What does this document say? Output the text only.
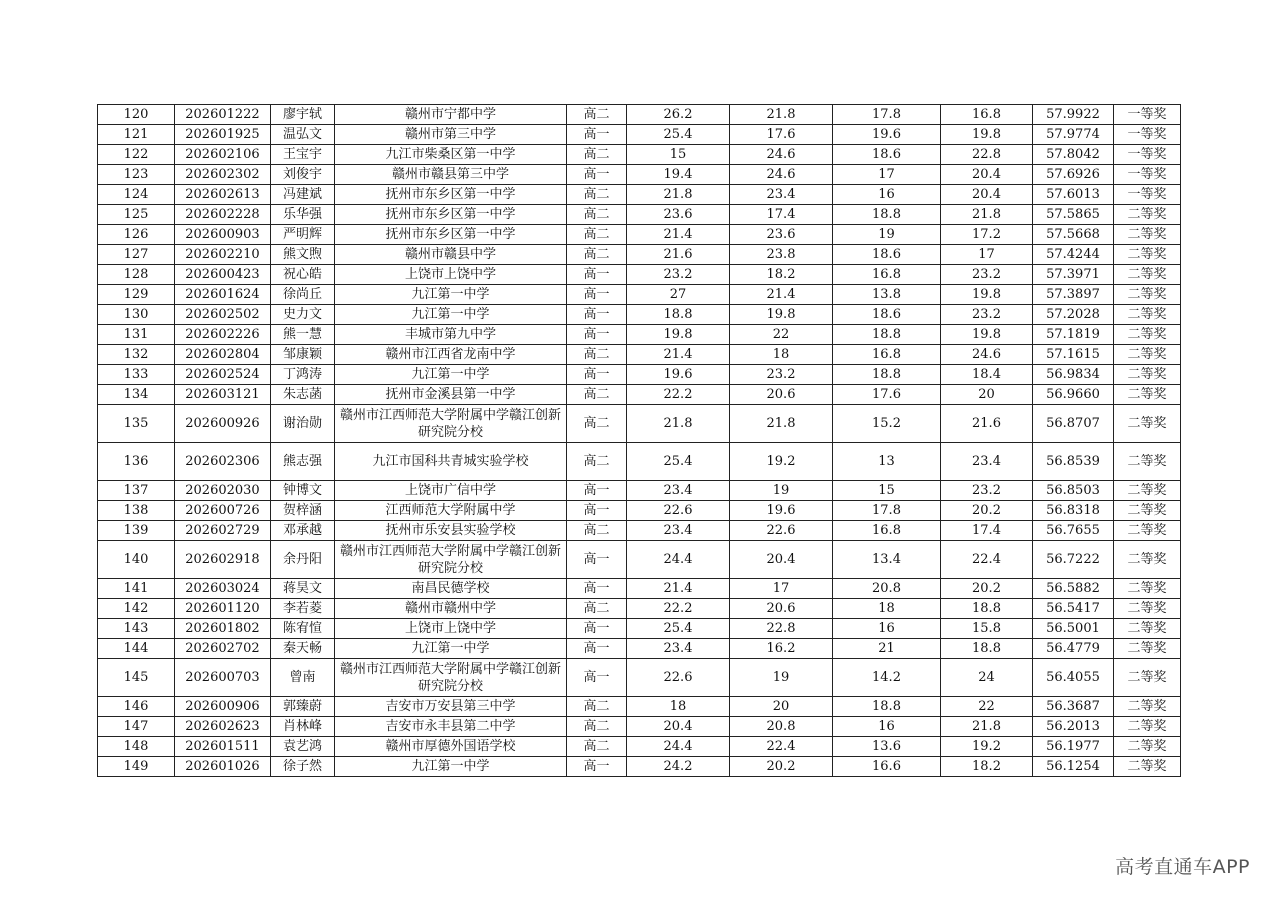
120	202601222	廖宇轼	赣州市宁都中学	高二	26.2	21.8	17.8	16.8	57.9922	一等奖
121	202601925	温弘文	赣州市第三中学	高一	25.4	17.6	19.6	19.8	57.9774	一等奖
122	202602106	王宝宇	九江市柴桑区第一中学	高二	15	24.6	18.6	22.8	57.8042	一等奖
123	202602302	刘俊宇	赣州市赣县第三中学	高一	19.4	24.6	17	20.4	57.6926	一等奖
124	202602613	冯建斌	抚州市东乡区第一中学	高二	21.8	23.4	16	20.4	57.6013	一等奖
125	202602228	乐华强	抚州市东乡区第一中学	高二	23.6	17.4	18.8	21.8	57.5865	二等奖
126	202600903	严明辉	抚州市东乡区第一中学	高二	21.4	23.6	19	17.2	57.5668	二等奖
127	202602210	熊文煦	赣州市赣县中学	高二	21.6	23.8	18.6	17	57.4244	二等奖
128	202600423	祝心皓	上饶市上饶中学	高一	23.2	18.2	16.8	23.2	57.3971	二等奖
129	202601624	徐尚丘	九江第一中学	高一	27	21.4	13.8	19.8	57.3897	二等奖
130	202602502	史力文	九江第一中学	高一	18.8	19.8	18.6	23.2	57.2028	二等奖
131	202602226	熊一慧	丰城市第九中学	高一	19.8	22	18.8	19.8	57.1819	二等奖
132	202602804	邹康颖	赣州市江西省龙南中学	高二	21.4	18	16.8	24.6	57.1615	二等奖
133	202602524	丁鸿涛	九江第一中学	高一	19.6	23.2	18.8	18.4	56.9834	二等奖
134	202603121	朱志菡	抚州市金溪县第一中学	高二	22.2	20.6	17.6	20	56.9660	二等奖
135	202600926	谢治勋	赣州市江西师范大学附属中学赣江创新研究院分校	高二	21.8	21.8	15.2	21.6	56.8707	二等奖
136	202602306	熊志强	九江市国科共青城实验学校	高二	25.4	19.2	13	23.4	56.8539	二等奖
137	202602030	钟博文	上饶市广信中学	高一	23.4	19	15	23.2	56.8503	二等奖
138	202600726	贺梓涵	江西师范大学附属中学	高一	22.6	19.6	17.8	20.2	56.8318	二等奖
139	202602729	邓承越	抚州市乐安县实验学校	高二	23.4	22.6	16.8	17.4	56.7655	二等奖
140	202602918	余丹阳	赣州市江西师范大学附属中学赣江创新研究院分校	高一	24.4	20.4	13.4	22.4	56.7222	二等奖
141	202603024	蒋昊文	南昌民德学校	高一	21.4	17	20.8	20.2	56.5882	二等奖
142	202601120	李若菱	赣州市赣州中学	高二	22.2	20.6	18	18.8	56.5417	二等奖
143	202601802	陈宥愃	上饶市上饶中学	高一	25.4	22.8	16	15.8	56.5001	二等奖
144	202602702	秦天畅	九江第一中学	高一	23.4	16.2	21	18.8	56.4779	二等奖
145	202600703	曾南	赣州市江西师范大学附属中学赣江创新研究院分校	高一	22.6	19	14.2	24	56.4055	二等奖
146	202600906	郭臻蔚	吉安市万安县第三中学	高二	18	20	18.8	22	56.3687	二等奖
147	202602623	肖林峰	吉安市永丰县第二中学	高二	20.4	20.8	16	21.8	56.2013	二等奖
148	202601511	袁艺鸿	赣州市厚德外国语学校	高二	24.4	22.4	13.6	19.2	56.1977	二等奖
149	202601026	徐子然	九江第一中学	高一	24.2	20.2	16.6	18.2	56.1254	二等奖
高考直通车APP
